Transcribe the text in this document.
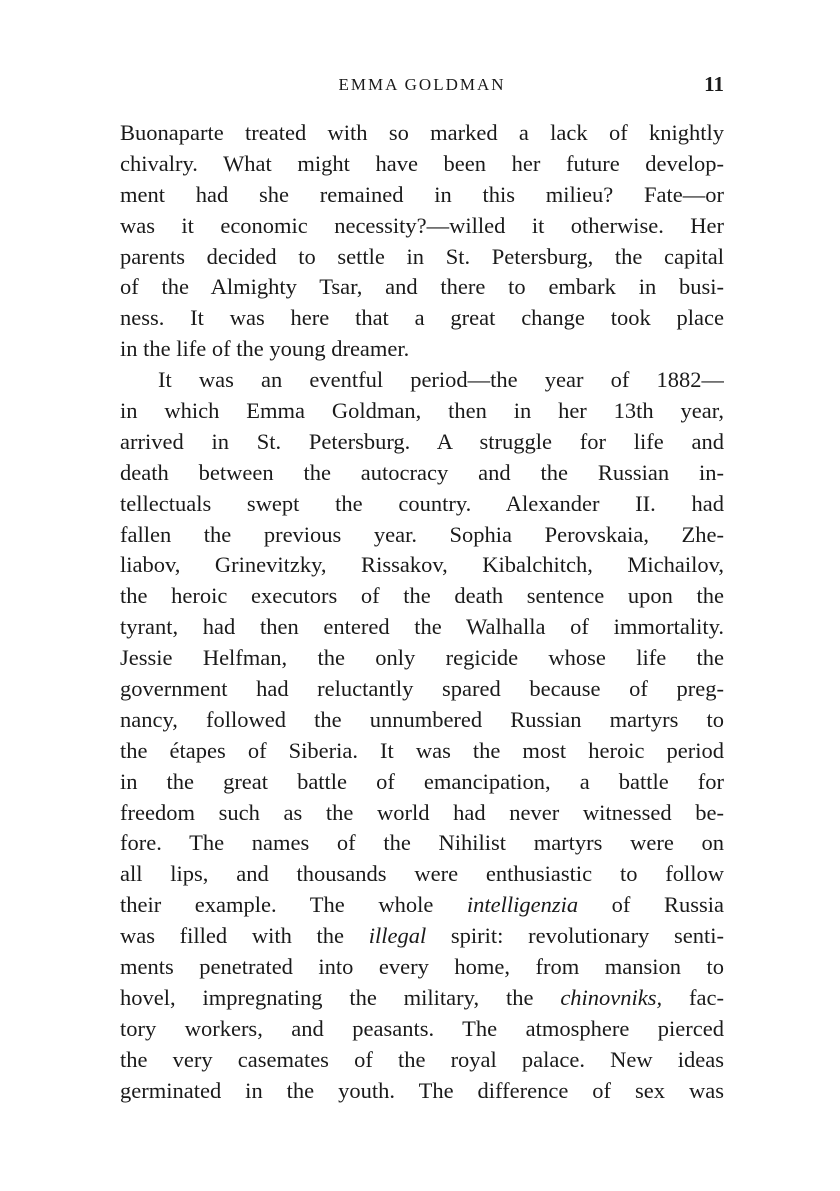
EMMA GOLDMAN	11
Buonaparte treated with so marked a lack of knightly
chivalry. What might have been her future develop-
ment had she remained in this milieu? Fate—or
was it economic necessity?—willed it otherwise. Her
parents decided to settle in St. Petersburg, the capital
of the Almighty Tsar, and there to embark in busi-
ness. It was here that a great change took place
in the life of the young dreamer.
It was an eventful period—the year of 1882—
in which Emma Goldman, then in her 13th year,
arrived in St. Petersburg. A struggle for life and
death between the autocracy and the Russian in-
tellectuals swept the country. Alexander II. had
fallen the previous year. Sophia Perovskaia, Zhe-
liabov, Grinevitzky, Rissakov, Kibalchitch, Michailov,
the heroic executors of the death sentence upon the
tyrant, had then entered the Walhalla of immortality.
Jessie Helfman, the only regicide whose life the
government had reluctantly spared because of preg-
nancy, followed the unnumbered Russian martyrs to
the étapes of Siberia. It was the most heroic period
in the great battle of emancipation, a battle for
freedom such as the world had never witnessed be-
fore. The names of the Nihilist martyrs were on
all lips, and thousands were enthusiastic to follow
their example. The whole intelligenzia of Russia
was filled with the illegal spirit: revolutionary senti-
ments penetrated into every home, from mansion to
hovel, impregnating the military, the chinovniks, fac-
tory workers, and peasants. The atmosphere pierced
the very casemates of the royal palace. New ideas
germinated in the youth. The difference of sex was
